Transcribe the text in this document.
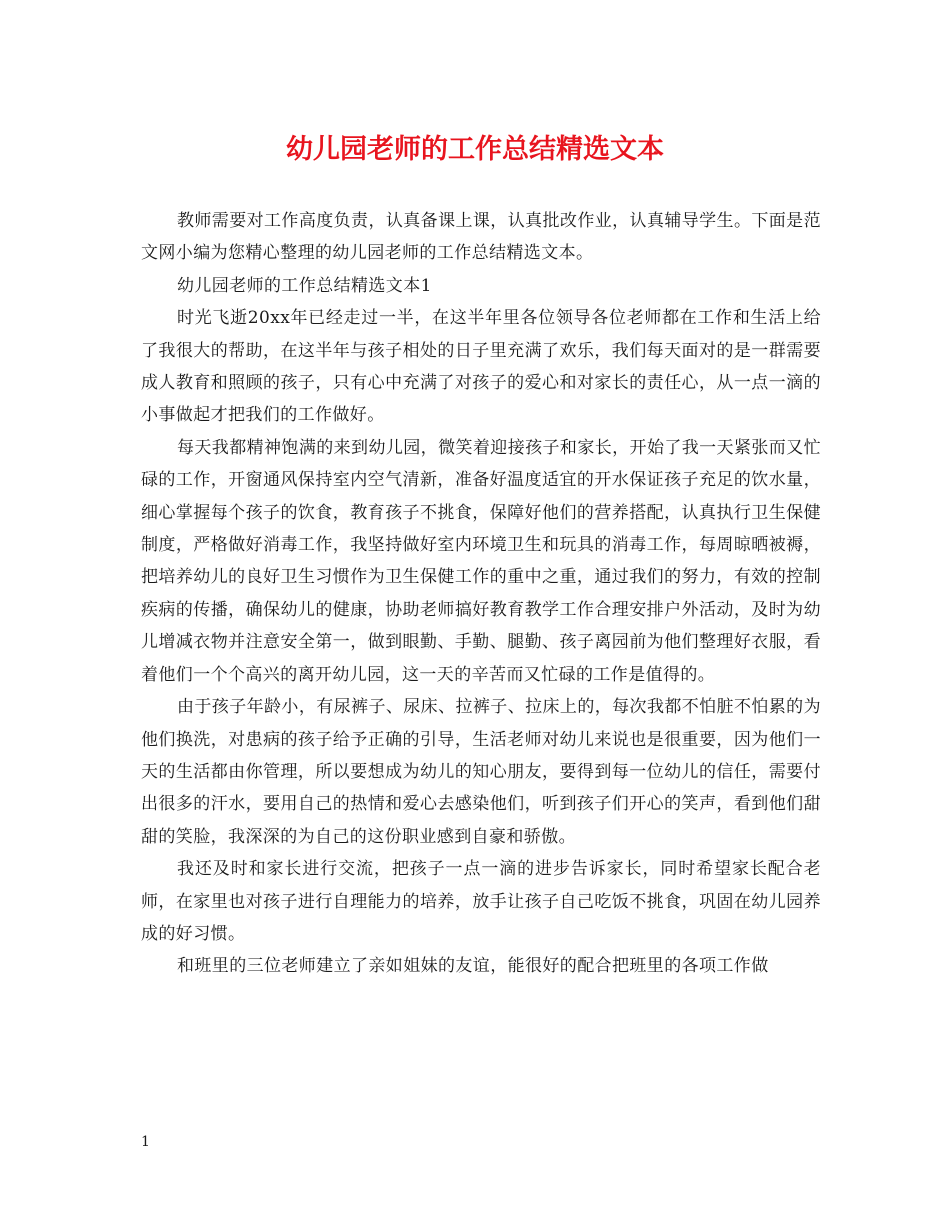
幼儿园老师的工作总结精选文本

教师需要对工作高度负责，认真备课上课，认真批改作业，认真辅导学生。下面是范文网小编为您精心整理的幼儿园老师的工作总结精选文本。

幼儿园老师的工作总结精选文本1

时光飞逝20xx年已经走过一半，在这半年里各位领导各位老师都在工作和生活上给了我很大的帮助，在这半年与孩子相处的日子里充满了欢乐，我们每天面对的是一群需要成人教育和照顾的孩子，只有心中充满了对孩子的爱心和对家长的责任心，从一点一滴的小事做起才把我们的工作做好。

每天我都精神饱满的来到幼儿园，微笑着迎接孩子和家长，开始了我一天紧张而又忙碌的工作，开窗通风保持室内空气清新，准备好温度适宜的开水保证孩子充足的饮水量，细心掌握每个孩子的饮食，教育孩子不挑食，保障好他们的营养搭配，认真执行卫生保健制度，严格做好消毒工作，我坚持做好室内环境卫生和玩具的消毒工作，每周晾晒被褥，把培养幼儿的良好卫生习惯作为卫生保健工作的重中之重，通过我们的努力，有效的控制疾病的传播，确保幼儿的健康，协助老师搞好教育教学工作合理安排户外活动，及时为幼儿增减衣物并注意安全第一，做到眼勤、手勤、腿勤、孩子离园前为他们整理好衣服，看着他们一个个高兴的离开幼儿园，这一天的辛苦而又忙碌的工作是值得的。

由于孩子年龄小，有尿裤子、尿床、拉裤子、拉床上的，每次我都不怕脏不怕累的为他们换洗，对患病的孩子给予正确的引导，生活老师对幼儿来说也是很重要，因为他们一天的生活都由你管理，所以要想成为幼儿的知心朋友，要得到每一位幼儿的信任，需要付出很多的汗水，要用自己的热情和爱心去感染他们，听到孩子们开心的笑声，看到他们甜甜的笑脸，我深深的为自己的这份职业感到自豪和骄傲。

我还及时和家长进行交流，把孩子一点一滴的进步告诉家长，同时希望家长配合老师，在家里也对孩子进行自理能力的培养，放手让孩子自己吃饭不挑食，巩固在幼儿园养成的好习惯。

和班里的三位老师建立了亲如姐妹的友谊，能很好的配合把班里的各项工作做

1
